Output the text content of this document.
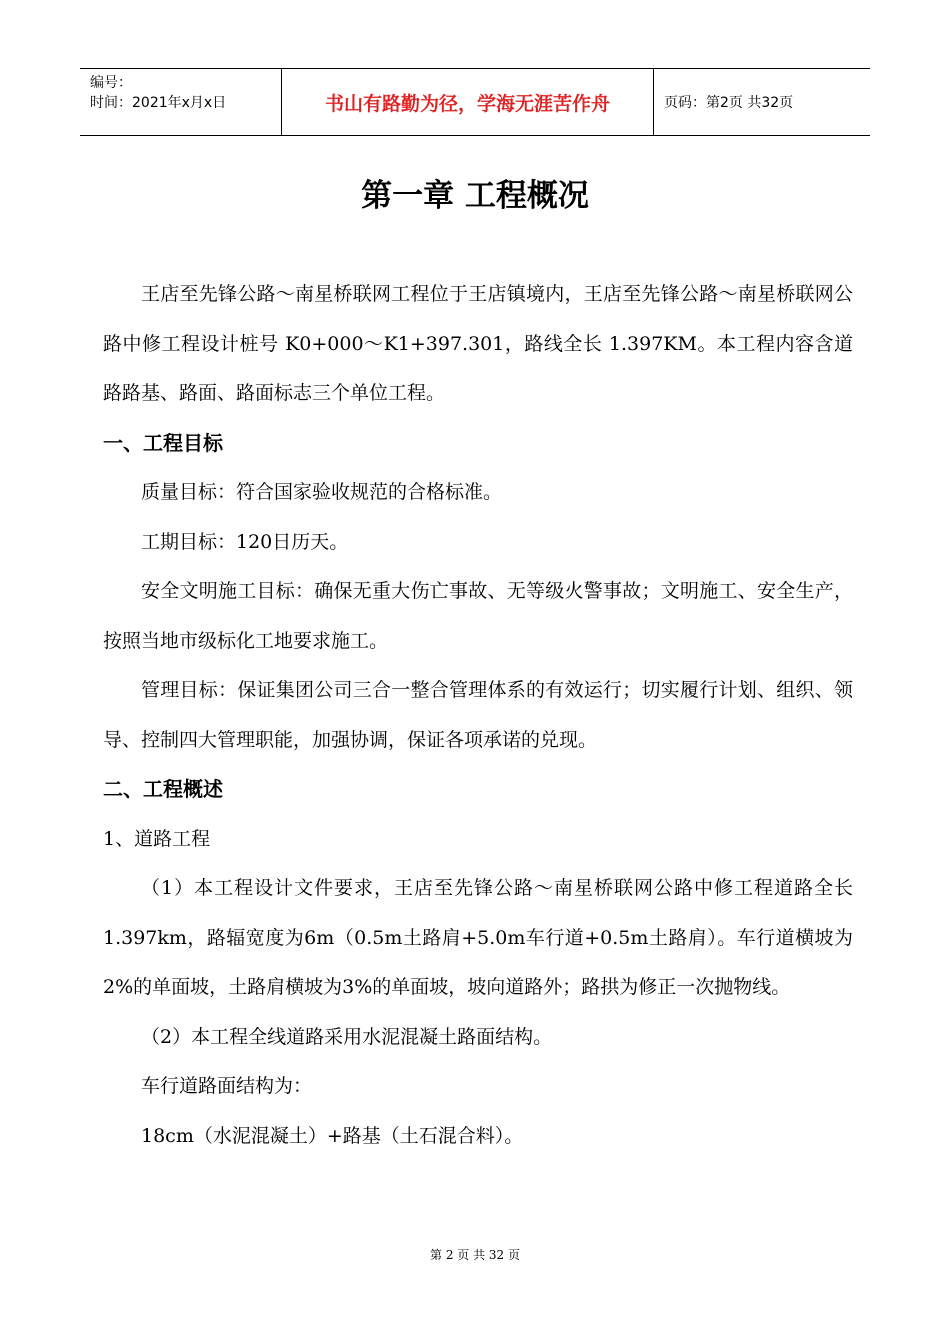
编号：
时间：2021年x月x日	书山有路勤为径，学海无涯苦作舟	页码：第2页 共32页
第一章 工程概况

王店至先锋公路～南星桥联网工程位于王店镇境内，王店至先锋公路～南星桥联网公路中修工程设计桩号 K0+000～K1+397.301，路线全长 1.397KM。本工程内容含道路路基、路面、路面标志三个单位工程。

一、工程目标

质量目标：符合国家验收规范的合格标准。

工期目标：120日历天。

安全文明施工目标：确保无重大伤亡事故、无等级火警事故；文明施工、安全生产，按照当地市级标化工地要求施工。

管理目标：保证集团公司三合一整合管理体系的有效运行；切实履行计划、组织、领导、控制四大管理职能，加强协调，保证各项承诺的兑现。

二、工程概述

1、道路工程

（1）本工程设计文件要求，王店至先锋公路～南星桥联网公路中修工程道路全长1.397km，路辐宽度为6m（0.5m土路肩+5.0m车行道+0.5m土路肩）。车行道横坡为2%的单面坡，土路肩横坡为3%的单面坡，坡向道路外；路拱为修正一次抛物线。

（2）本工程全线道路采用水泥混凝土路面结构。

车行道路面结构为：

18cm（水泥混凝土）+路基（土石混合料）。

第 2 页 共 32 页
